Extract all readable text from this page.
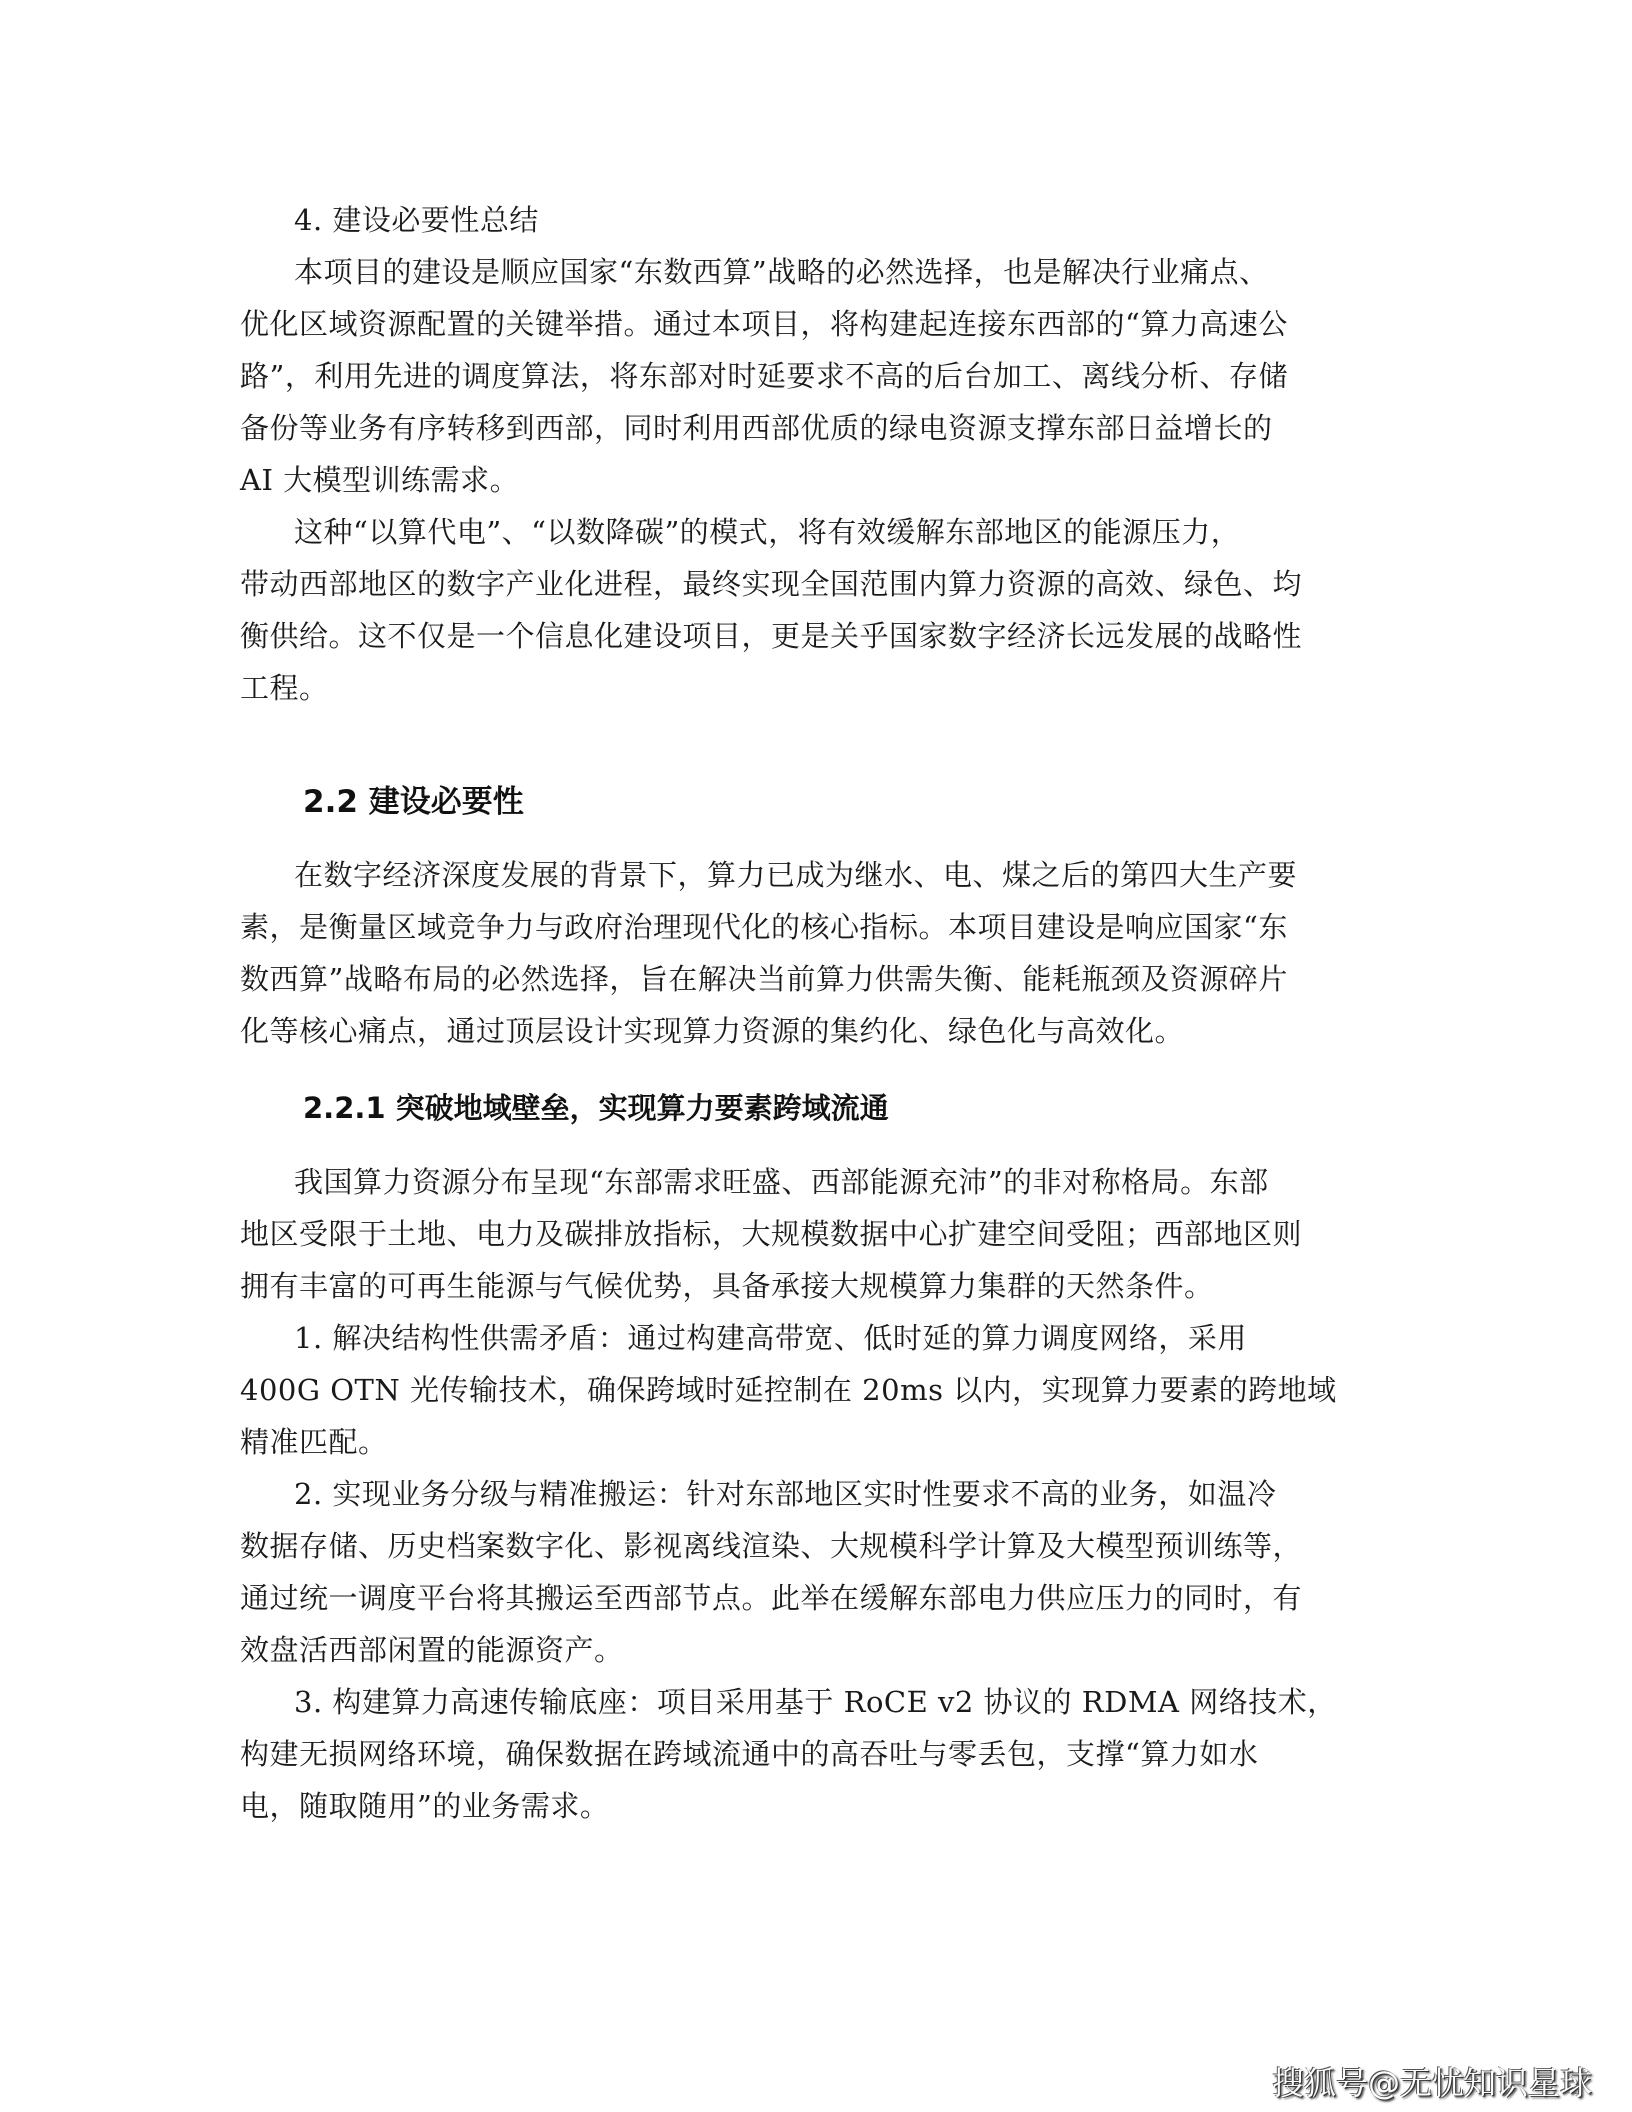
4. 建设必要性总结
本项目的建设是顺应国家“东数西算”战略的必然选择，也是解决行业痛点、
优化区域资源配置的关键举措。通过本项目，将构建起连接东西部的“算力高速公
路”，利用先进的调度算法，将东部对时延要求不高的后台加工、离线分析、存储
备份等业务有序转移到西部，同时利用西部优质的绿电资源支撑东部日益增长的
AI 大模型训练需求。
这种“以算代电”、“以数降碳”的模式，将有效缓解东部地区的能源压力，
带动西部地区的数字产业化进程，最终实现全国范围内算力资源的高效、绿色、均
衡供给。这不仅是一个信息化建设项目，更是关乎国家数字经济长远发展的战略性
工程。
2.2 建设必要性
在数字经济深度发展的背景下，算力已成为继水、电、煤之后的第四大生产要
素，是衡量区域竞争力与政府治理现代化的核心指标。本项目建设是响应国家“东
数西算”战略布局的必然选择，旨在解决当前算力供需失衡、能耗瓶颈及资源碎片
化等核心痛点，通过顶层设计实现算力资源的集约化、绿色化与高效化。
2.2.1 突破地域壁垒，实现算力要素跨域流通
我国算力资源分布呈现“东部需求旺盛、西部能源充沛”的非对称格局。东部
地区受限于土地、电力及碳排放指标，大规模数据中心扩建空间受阻；西部地区则
拥有丰富的可再生能源与气候优势，具备承接大规模算力集群的天然条件。
1. 解决结构性供需矛盾：通过构建高带宽、低时延的算力调度网络，采用
400G OTN 光传输技术，确保跨域时延控制在 20ms 以内，实现算力要素的跨地域
精准匹配。
2. 实现业务分级与精准搬运：针对东部地区实时性要求不高的业务，如温冷
数据存储、历史档案数字化、影视离线渲染、大规模科学计算及大模型预训练等，
通过统一调度平台将其搬运至西部节点。此举在缓解东部电力供应压力的同时，有
效盘活西部闲置的能源资产。
3. 构建算力高速传输底座：项目采用基于 RoCE v2 协议的 RDMA 网络技术，
构建无损网络环境，确保数据在跨域流通中的高吞吐与零丢包，支撑“算力如水
电，随取随用”的业务需求。
搜狐号@无忧知识星球
